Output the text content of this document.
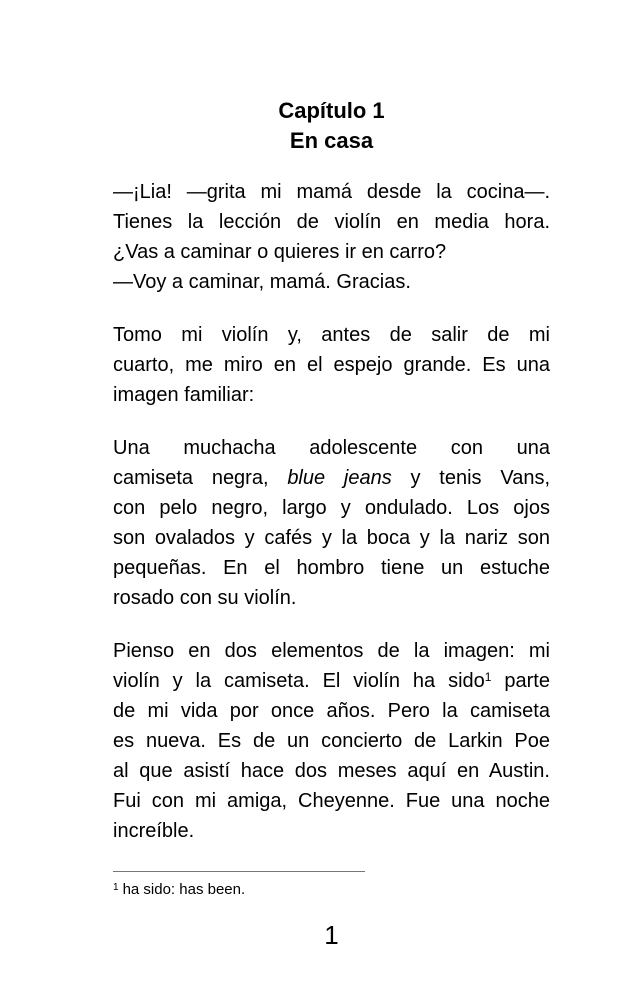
Capítulo 1
En casa
—¡Lia! —grita mi mamá desde la cocina—.
Tienes la lección de violín en media hora.
¿Vas a caminar o quieres ir en carro?
—Voy a caminar, mamá. Gracias.
Tomo mi violín y, antes de salir de mi
cuarto, me miro en el espejo grande. Es una
imagen familiar:
Una muchacha adolescente con una
camiseta negra, blue jeans y tenis Vans,
con pelo negro, largo y ondulado. Los ojos
son ovalados y cafés y la boca y la nariz son
pequeñas. En el hombro tiene un estuche
rosado con su violín.
Pienso en dos elementos de la imagen: mi
violín y la camiseta. El violín ha sido$^1$ parte
de mi vida por once años. Pero la camiseta
es nueva. Es de un concierto de Larkin Poe
al que asistí hace dos meses aquí en Austin.
Fui con mi amiga, Cheyenne. Fue una noche
increíble.
$^1$ ha sido: has been.
1
